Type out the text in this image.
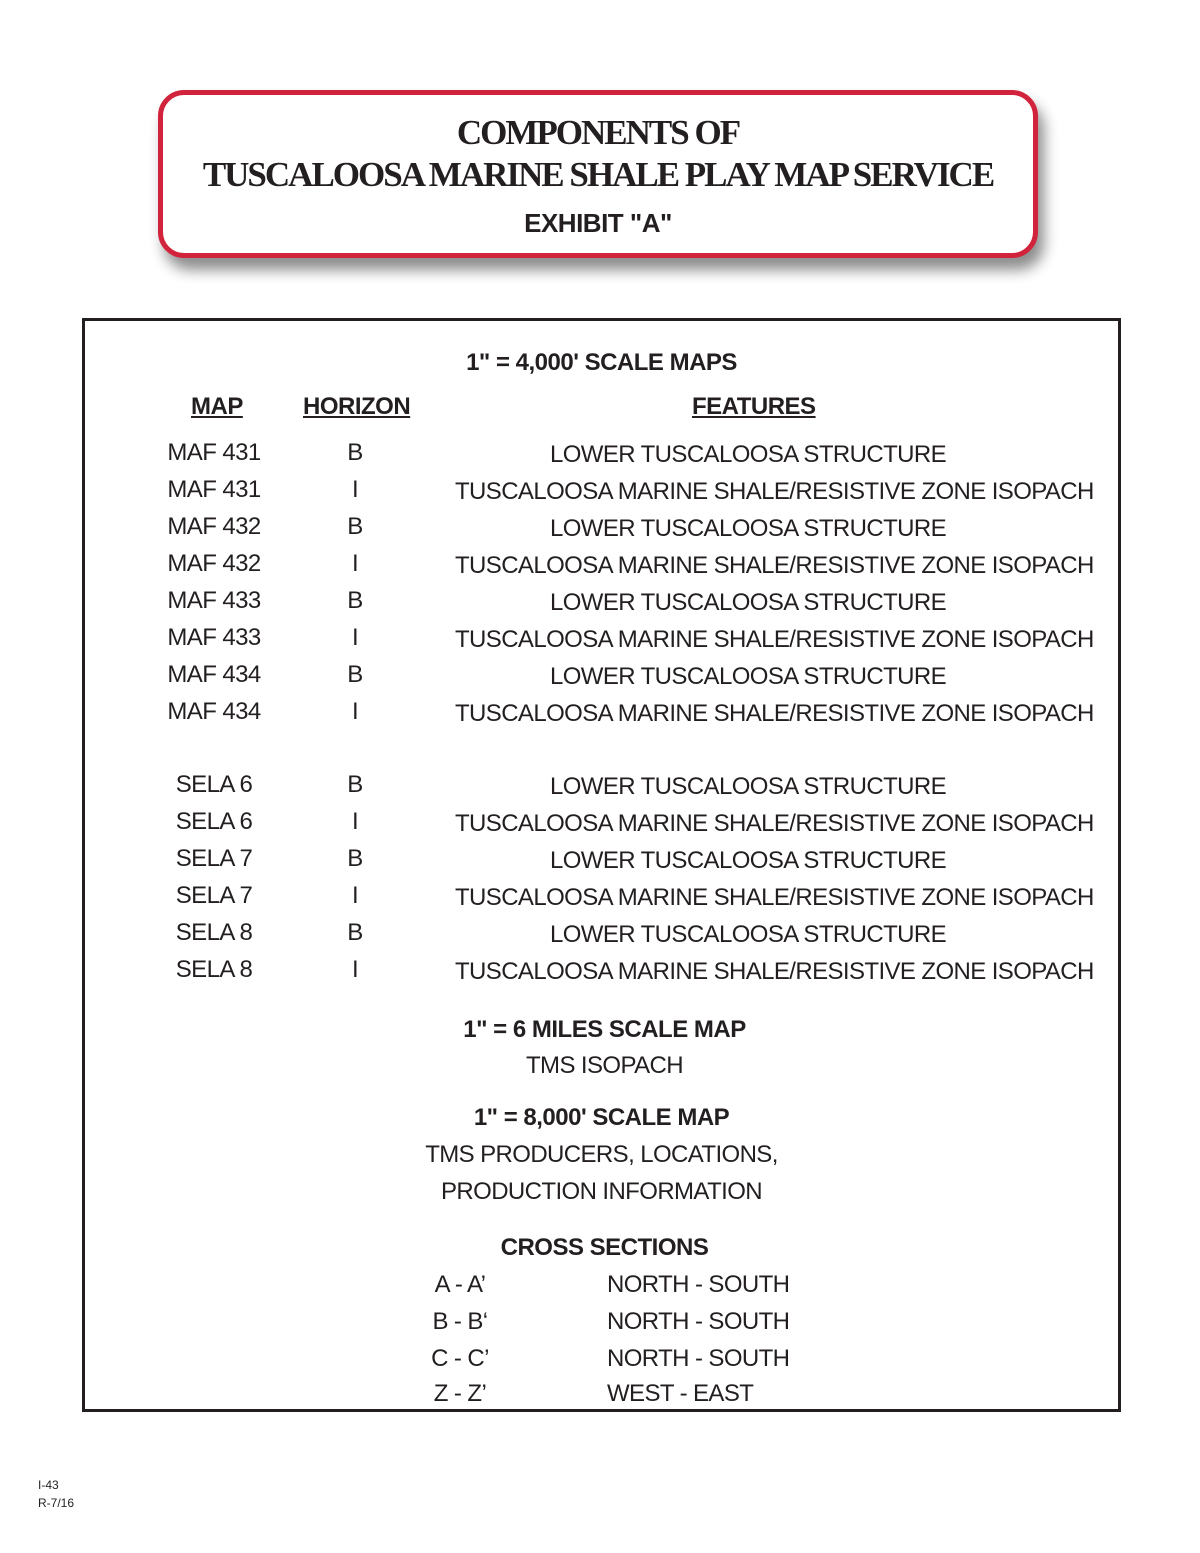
COMPONENTS OF
TUSCALOOSA MARINE SHALE PLAY MAP SERVICE
EXHIBIT "A"
1" = 4,000' SCALE MAPS
MAP	HORIZON	FEATURES
MAF 431	B	LOWER TUSCALOOSA STRUCTURE
MAF 431	I	TUSCALOOSA MARINE SHALE/RESISTIVE ZONE ISOPACH
MAF 432	B	LOWER TUSCALOOSA STRUCTURE
MAF 432	I	TUSCALOOSA MARINE SHALE/RESISTIVE ZONE ISOPACH
MAF 433	B	LOWER TUSCALOOSA STRUCTURE
MAF 433	I	TUSCALOOSA MARINE SHALE/RESISTIVE ZONE ISOPACH
MAF 434	B	LOWER TUSCALOOSA STRUCTURE
MAF 434	I	TUSCALOOSA MARINE SHALE/RESISTIVE ZONE ISOPACH
SELA 6	B	LOWER TUSCALOOSA STRUCTURE
SELA 6	I	TUSCALOOSA MARINE SHALE/RESISTIVE ZONE ISOPACH
SELA 7	B	LOWER TUSCALOOSA STRUCTURE
SELA 7	I	TUSCALOOSA MARINE SHALE/RESISTIVE ZONE ISOPACH
SELA 8	B	LOWER TUSCALOOSA STRUCTURE
SELA 8	I	TUSCALOOSA MARINE SHALE/RESISTIVE ZONE ISOPACH
1" = 6 MILES SCALE MAP
TMS ISOPACH
1" = 8,000' SCALE MAP
TMS PRODUCERS, LOCATIONS,
PRODUCTION INFORMATION
CROSS SECTIONS
A - A’	NORTH - SOUTH
B - B‘	NORTH - SOUTH
C - C’	NORTH - SOUTH
Z - Z’	WEST - EAST
I-43
R-7/16
